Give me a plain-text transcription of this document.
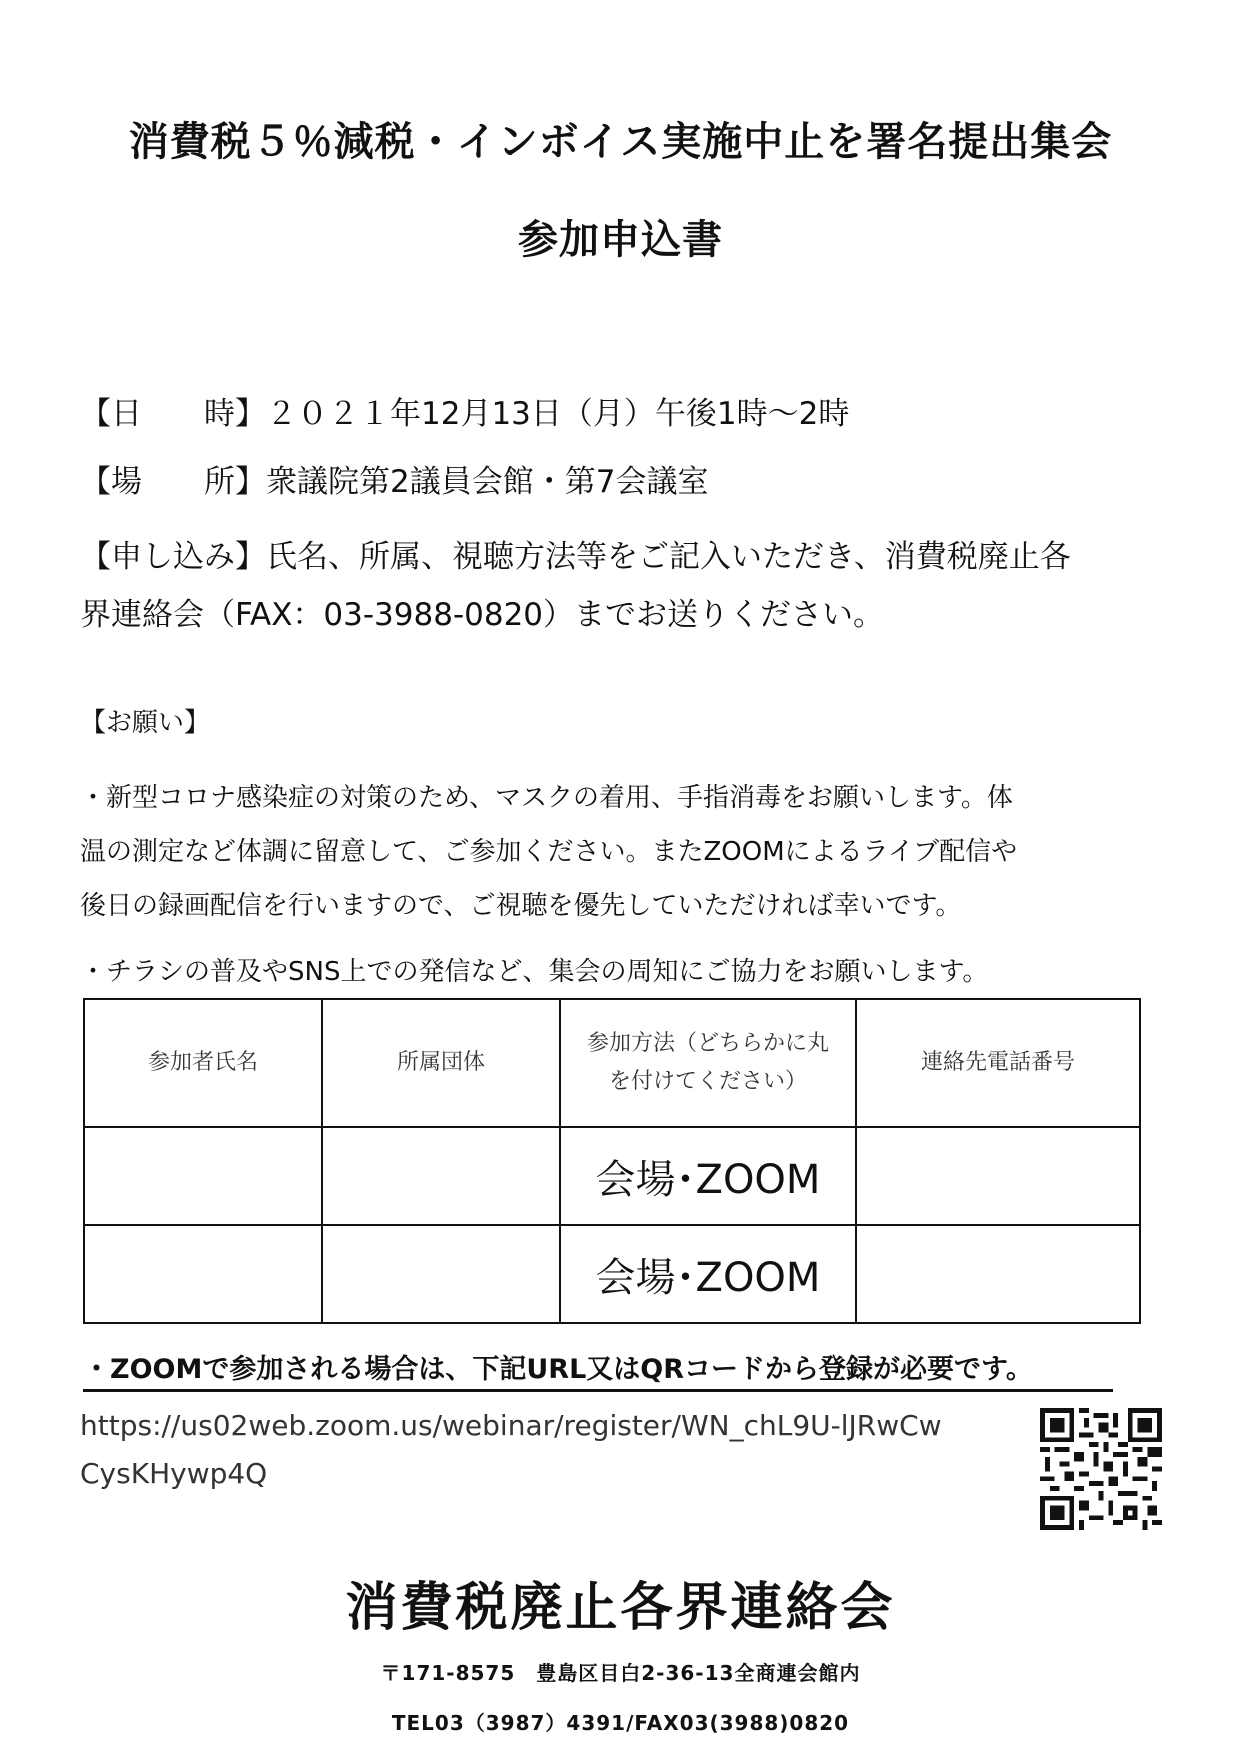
消費税５％減税・インボイス実施中止を署名提出集会
参加申込書
【日　　時】２０２１年12月13日（月）午後1時～2時
【場　　所】衆議院第2議員会館・第7会議室
【申し込み】氏名、所属、視聴方法等をご記入いただき、消費税廃止各
界連絡会（FAX：03-3988-0820）までお送りください。
【お願い】
・新型コロナ感染症の対策のため、マスクの着用、手指消毒をお願いします。体
温の測定など体調に留意して、ご参加ください。またZOOMによるライブ配信や
後日の録画配信を行いますので、ご視聴を優先していただければ幸いです。
・チラシの普及やSNS上での発信など、集会の周知にご協力をお願いします。
参加者氏名	所属団体	参加方法（どちらかに丸
を付けてください）	連絡先電話番号
		会場･ZOOM	
		会場･ZOOM	
・ZOOMで参加される場合は、下記URL又はQRコードから登録が必要です。
https://us02web.zoom.us/webinar/register/WN_chL9U-lJRwCwCysKHywp4Q
消費税廃止各界連絡会
〒171-8575　豊島区目白2-36-13全商連会館内
TEL03（3987）4391/FAX03(3988)0820
